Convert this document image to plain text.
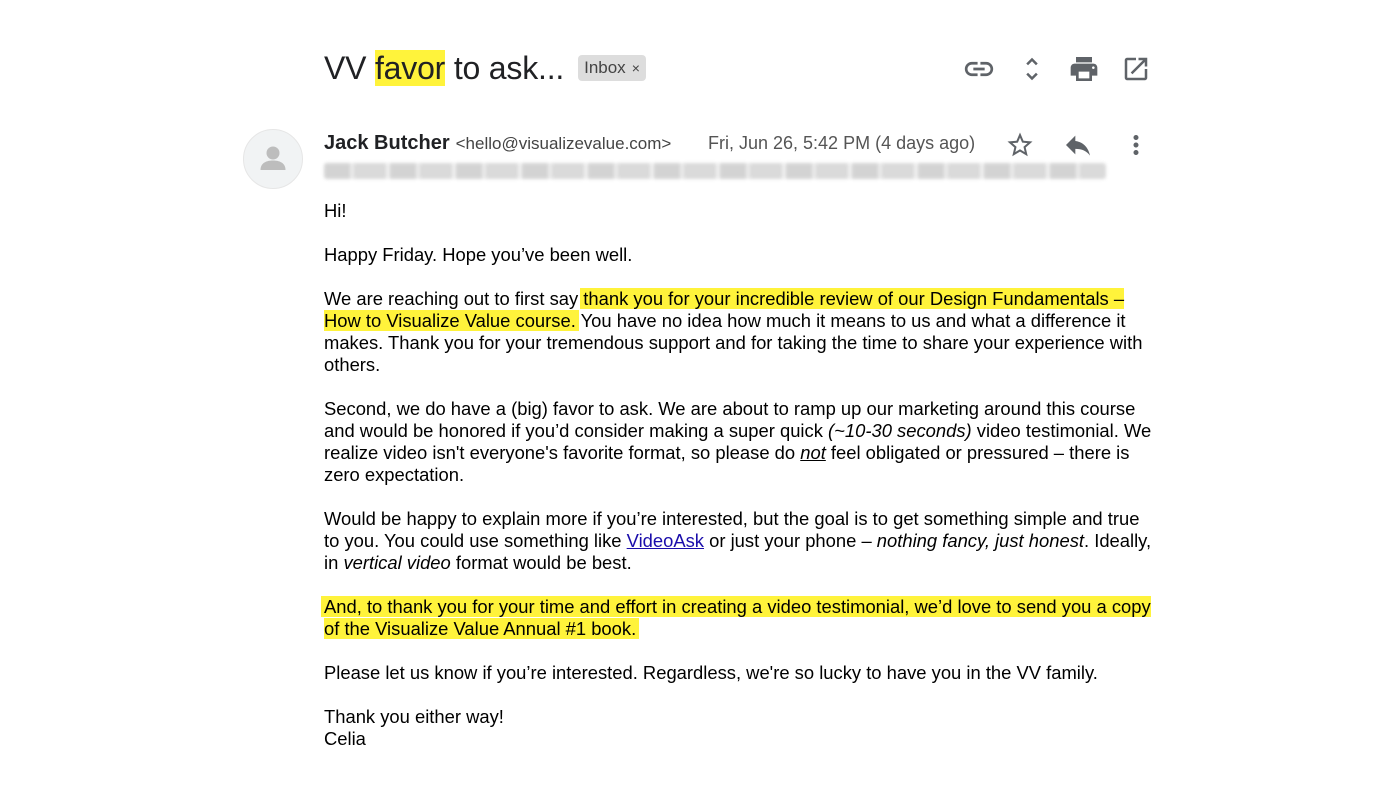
VV favor to ask... Inbox ×
Jack Butcher <hello@visualizevalue.com> Fri, Jun 26, 5:42 PM (4 days ago)

Hi!

Happy Friday. Hope you’ve been well.

We are reaching out to first say thank you for your incredible review of our Design Fundamentals – How to Visualize Value course. You have no idea how much it means to us and what a difference it makes. Thank you for your tremendous support and for taking the time to share your experience with others.

Second, we do have a (big) favor to ask. We are about to ramp up our marketing around this course and would be honored if you’d consider making a super quick (~10-30 seconds) video testimonial. We realize video isn't everyone's favorite format, so please do not feel obligated or pressured – there is zero expectation.

Would be happy to explain more if you’re interested, but the goal is to get something simple and true to you. You could use something like VideoAsk or just your phone – nothing fancy, just honest. Ideally, in vertical video format would be best.

And, to thank you for your time and effort in creating a video testimonial, we’d love to send you a copy of the Visualize Value Annual #1 book.

Please let us know if you’re interested. Regardless, we're so lucky to have you in the VV family.

Thank you either way!
Celia
